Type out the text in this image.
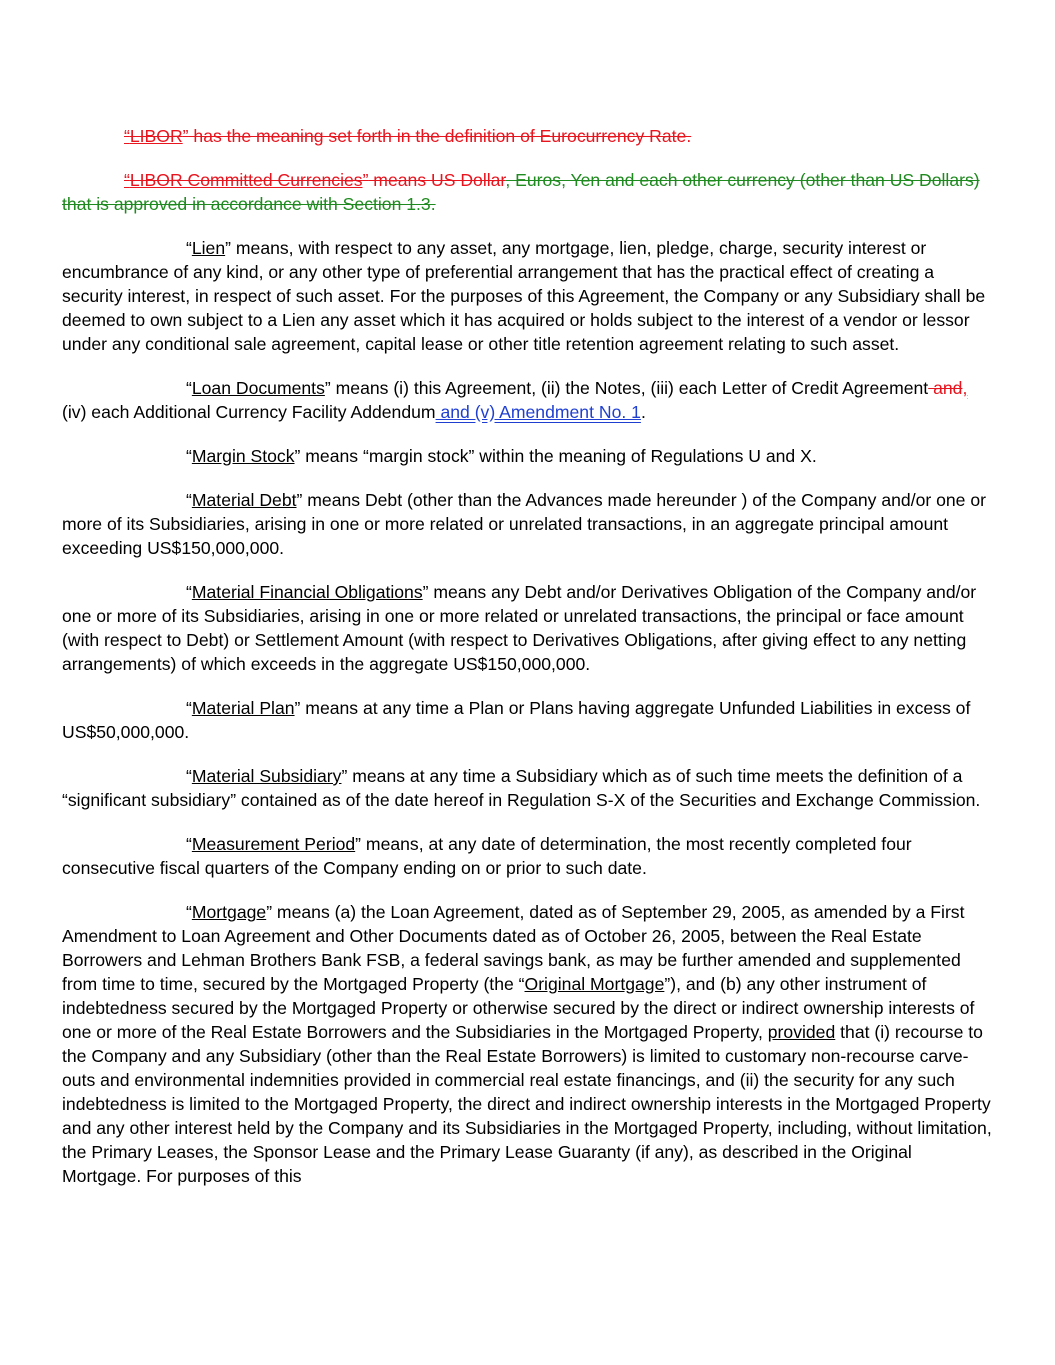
“LIBOR” has the meaning set forth in the definition of Eurocurrency Rate.

“LIBOR Committed Currencies” means US Dollar, Euros, Yen and each other currency (other than US Dollars) that is approved in accordance with Section 1.3.

“Lien” means, with respect to any asset, any mortgage, lien, pledge, charge, security interest or encumbrance of any kind, or any other type of preferential arrangement that has the practical effect of creating a security interest, in respect of such asset. For the purposes of this Agreement, the Company or any Subsidiary shall be deemed to own subject to a Lien any asset which it has acquired or holds subject to the interest of a vendor or lessor under any conditional sale agreement, capital lease or other title retention agreement relating to such asset.

“Loan Documents” means (i) this Agreement, (ii) the Notes, (iii) each Letter of Credit Agreement and, (iv) each Additional Currency Facility Addendum and (v) Amendment No. 1.

“Margin Stock” means “margin stock” within the meaning of Regulations U and X.

“Material Debt” means Debt (other than the Advances made hereunder ) of the Company and/or one or more of its Subsidiaries, arising in one or more related or unrelated transactions, in an aggregate principal amount exceeding US$150,000,000.

“Material Financial Obligations” means any Debt and/or Derivatives Obligation of the Company and/or one or more of its Subsidiaries, arising in one or more related or unrelated transactions, the principal or face amount (with respect to Debt) or Settlement Amount (with respect to Derivatives Obligations, after giving effect to any netting arrangements) of which exceeds in the aggregate US$150,000,000.

“Material Plan” means at any time a Plan or Plans having aggregate Unfunded Liabilities in excess of US$50,000,000.

“Material Subsidiary” means at any time a Subsidiary which as of such time meets the definition of a “significant subsidiary” contained as of the date hereof in Regulation S-X of the Securities and Exchange Commission.

“Measurement Period” means, at any date of determination, the most recently completed four consecutive fiscal quarters of the Company ending on or prior to such date.

“Mortgage” means (a) the Loan Agreement, dated as of September 29, 2005, as amended by a First Amendment to Loan Agreement and Other Documents dated as of October 26, 2005, between the Real Estate Borrowers and Lehman Brothers Bank FSB, a federal savings bank, as may be further amended and supplemented from time to time, secured by the Mortgaged Property (the “Original Mortgage”), and (b) any other instrument of indebtedness secured by the Mortgaged Property or otherwise secured by the direct or indirect ownership interests of one or more of the Real Estate Borrowers and the Subsidiaries in the Mortgaged Property, provided that (i) recourse to the Company and any Subsidiary (other than the Real Estate Borrowers) is limited to customary non-recourse carve-outs and environmental indemnities provided in commercial real estate financings, and (ii) the security for any such indebtedness is limited to the Mortgaged Property, the direct and indirect ownership interests in the Mortgaged Property and any other interest held by the Company and its Subsidiaries in the Mortgaged Property, including, without limitation, the Primary Leases, the Sponsor Lease and the Primary Lease Guaranty (if any), as described in the Original Mortgage. For purposes of this
